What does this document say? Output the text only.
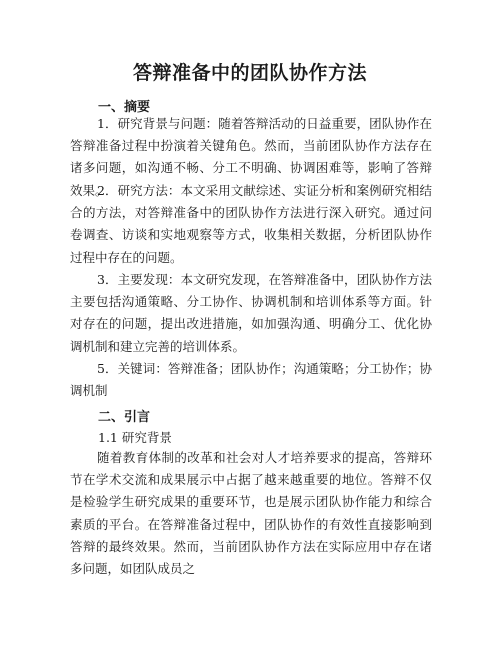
答辩准备中的团队协作方法
一、摘要
1．研究背景与问题：随着答辩活动的日益重要，团队协作在答辩准备过程中扮演着关键角色。然而，当前团队协作方法存在诸多问题，如沟通不畅、分工不明确、协调困难等，影响了答辩效果。
2．研究方法：本文采用文献综述、实证分析和案例研究相结合的方法，对答辩准备中的团队协作方法进行深入研究。通过问卷调查、访谈和实地观察等方式，收集相关数据，分析团队协作过程中存在的问题。
3．主要发现：本文研究发现，在答辩准备中，团队协作方法主要包括沟通策略、分工协作、协调机制和培训体系等方面。针对存在的问题，提出改进措施，如加强沟通、明确分工、优化协调机制和建立完善的培训体系。
5．关键词：答辩准备；团队协作；沟通策略；分工协作；协调机制
二、引言
1.1 研究背景
随着教育体制的改革和社会对人才培养要求的提高，答辩环节在学术交流和成果展示中占据了越来越重要的地位。答辩不仅是检验学生研究成果的重要环节，也是展示团队协作能力和综合素质的平台。在答辩准备过程中，团队协作的有效性直接影响到答辩的最终效果。然而，当前团队协作方法在实际应用中存在诸多问题，如团队成员之
